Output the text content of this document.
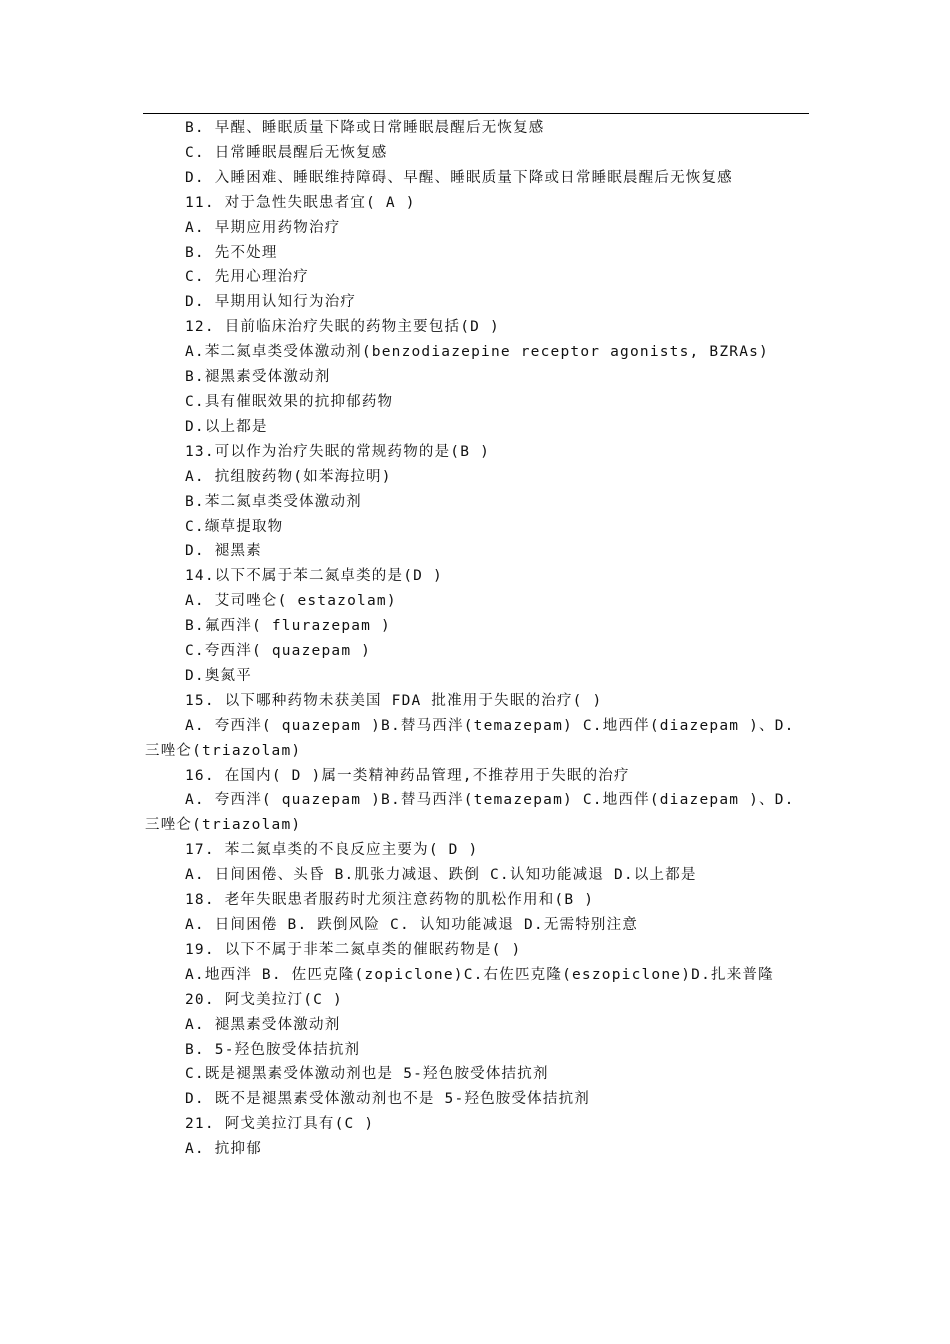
B. 早醒、睡眠质量下降或日常睡眠晨醒后无恢复感
C. 日常睡眠晨醒后无恢复感
D. 入睡困难、睡眠维持障碍、早醒、睡眠质量下降或日常睡眠晨醒后无恢复感
11. 对于急性失眠患者宜( A )
A. 早期应用药物治疗
B. 先不处理
C. 先用心理治疗
D. 早期用认知行为治疗
12. 目前临床治疗失眠的药物主要包括(D )
A.苯二氮卓类受体激动剂(benzodiazepine receptor agonists, BZRAs)
B.褪黑素受体激动剂
C.具有催眠效果的抗抑郁药物
D.以上都是
13.可以作为治疗失眠的常规药物的是(B )
A. 抗组胺药物(如苯海拉明)
B.苯二氮卓类受体激动剂
C.缬草提取物
D. 褪黑素
14.以下不属于苯二氮卓类的是(D )
A. 艾司唑仑( estazolam)
B.氟西泮( flurazepam )
C.夸西泮( quazepam )
D.奥氮平
15. 以下哪种药物未获美国 FDA 批准用于失眠的治疗( )
A. 夸西泮( quazepam )B.替马西泮(temazepam) C.地西伴(diazepam )、D. 三唑仑(triazolam)
16. 在国内( D )属一类精神药品管理,不推荐用于失眠的治疗
A. 夸西泮( quazepam )B.替马西泮(temazepam) C.地西伴(diazepam )、D. 三唑仑(triazolam)
17. 苯二氮卓类的不良反应主要为( D )
A. 日间困倦、头昏 B.肌张力减退、跌倒 C.认知功能减退 D.以上都是
18. 老年失眠患者服药时尤须注意药物的肌松作用和(B )
A. 日间困倦 B. 跌倒风险 C. 认知功能减退 D.无需特别注意
19. 以下不属于非苯二氮卓类的催眠药物是( )
A.地西泮 B. 佐匹克隆(zopiclone)C.右佐匹克隆(eszopiclone)D.扎来普隆
20. 阿戈美拉汀(C )
A. 褪黑素受体激动剂
B. 5-羟色胺受体拮抗剂
C.既是褪黑素受体激动剂也是 5-羟色胺受体拮抗剂
D. 既不是褪黑素受体激动剂也不是 5-羟色胺受体拮抗剂
21. 阿戈美拉汀具有(C )
A. 抗抑郁
